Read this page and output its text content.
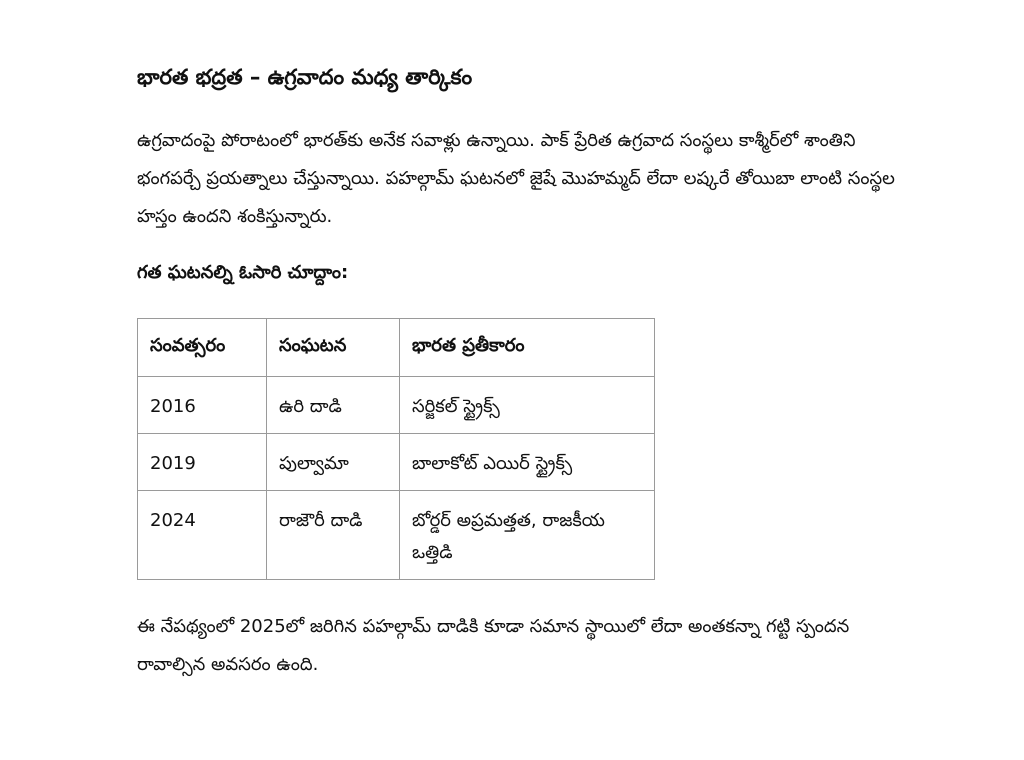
భారత భద్రత – ఉగ్రవాదం మధ్య తార్కికం

ఉగ్రవాదంపై పోరాటంలో భారత్‌కు అనేక సవాళ్లు ఉన్నాయి. పాక్ ప్రేరిత ఉగ్రవాద సంస్థలు కాశ్మీర్‌లో శాంతిని భంగపర్చే ప్రయత్నాలు చేస్తున్నాయి. పహల్గామ్ ఘటనలో జైషే మొహమ్మద్ లేదా లష్కరే తోయిబా లాంటి సంస్థల హస్తం ఉందని శంకిస్తున్నారు.

గత ఘటనల్ని ఓసారి చూద్దాం:

సంవత్సరం	సంఘటన	భారత ప్రతీకారం
2016	ఉరి దాడి	సర్జికల్ స్ట్రైక్స్
2019	పుల్వామా	బాలాకోట్ ఎయిర్ స్ట్రైక్స్
2024	రాజౌరీ దాడి	బోర్డర్ అప్రమత్తత, రాజకీయ ఒత్తిడి

ఈ నేపథ్యంలో 2025లో జరిగిన పహల్గామ్ దాడికి కూడా సమాన స్థాయిలో లేదా అంతకన్నా గట్టి స్పందన రావాల్సిన అవసరం ఉంది.
